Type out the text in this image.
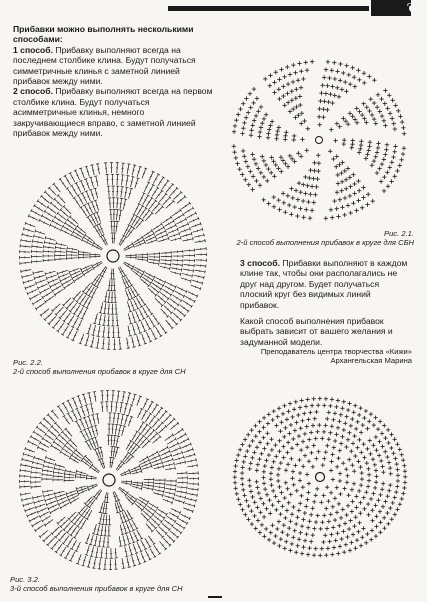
❦
Прибавки можно выполнять несколькими способами:

1 способ. Прибавку выполняют всегда на последнем столбике клина. Будут получаться симметричные клинья с заметной линией прибавок между ними.

2 способ. Прибавку выполняют всегда на первом столбике клина. Будут получаться асимметричные клинья, немного закручивающиеся вправо, с заметной линией прибавок между ними.

Рис. 2.1.
2-й способ выполнения прибавок в круге для СБН
Рис. 2.2.
2-й способ выполнения прибавок в круге для СН

3 способ. Прибавки выполняют в каждом клине так, чтобы они располагались не друг над другом. Будет получаться плоский круг без видимых линий прибавок.

Какой способ выполнения прибавок выбрать зависит от вашего желания и задуманной модели.

Преподаватель центра творчества «Кижи»
Архангельская Марина
Рис. 3.2.
3-й способ выполнения прибавок в круге для СН
